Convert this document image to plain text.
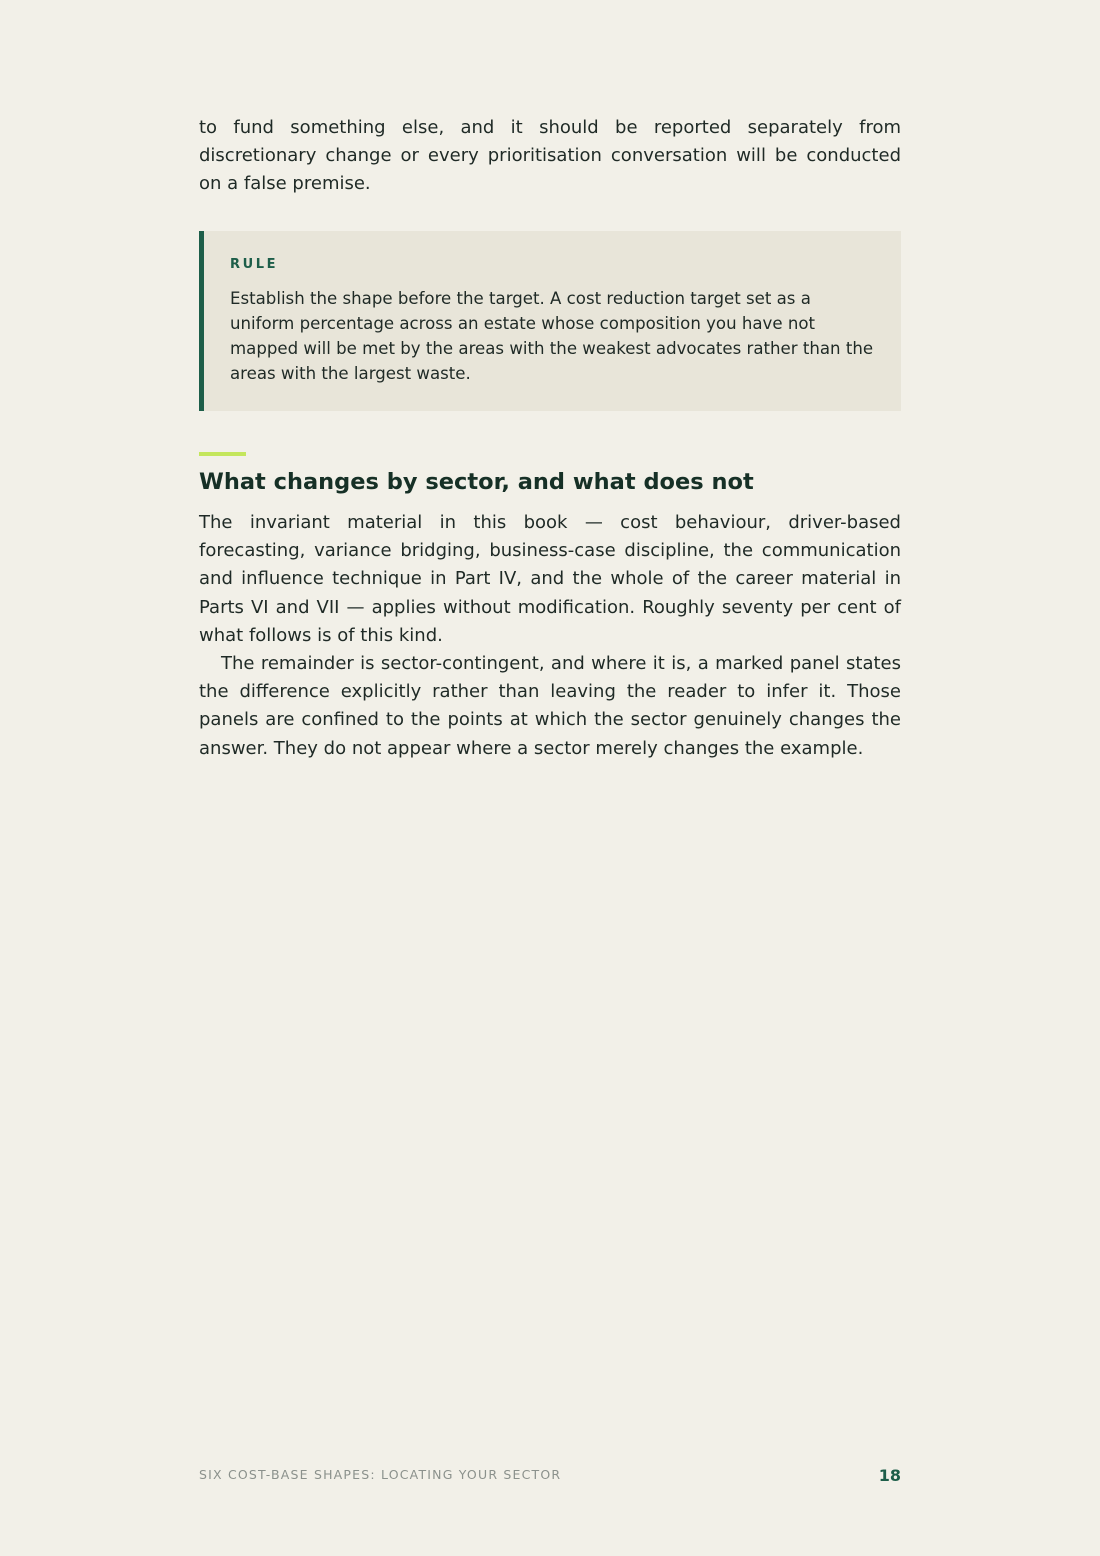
to fund something else, and it should be reported separately from discretionary change or every prioritisation conversation will be conducted on a false premise.

RULE

Establish the shape before the target. A cost reduction target set as a uniform percentage across an estate whose composition you have not mapped will be met by the areas with the weakest advocates rather than the areas with the largest waste.

What changes by sector, and what does not

The invariant material in this book — cost behaviour, driver-based forecasting, variance bridging, business-case discipline, the communication and influence technique in Part IV, and the whole of the career material in Parts VI and VII — applies without modification. Roughly seventy per cent of what follows is of this kind.

The remainder is sector-contingent, and where it is, a marked panel states the difference explicitly rather than leaving the reader to infer it. Those panels are confined to the points at which the sector genuinely changes the answer. They do not appear where a sector merely changes the example.

SIX COST-BASE SHAPES: LOCATING YOUR SECTOR	18
